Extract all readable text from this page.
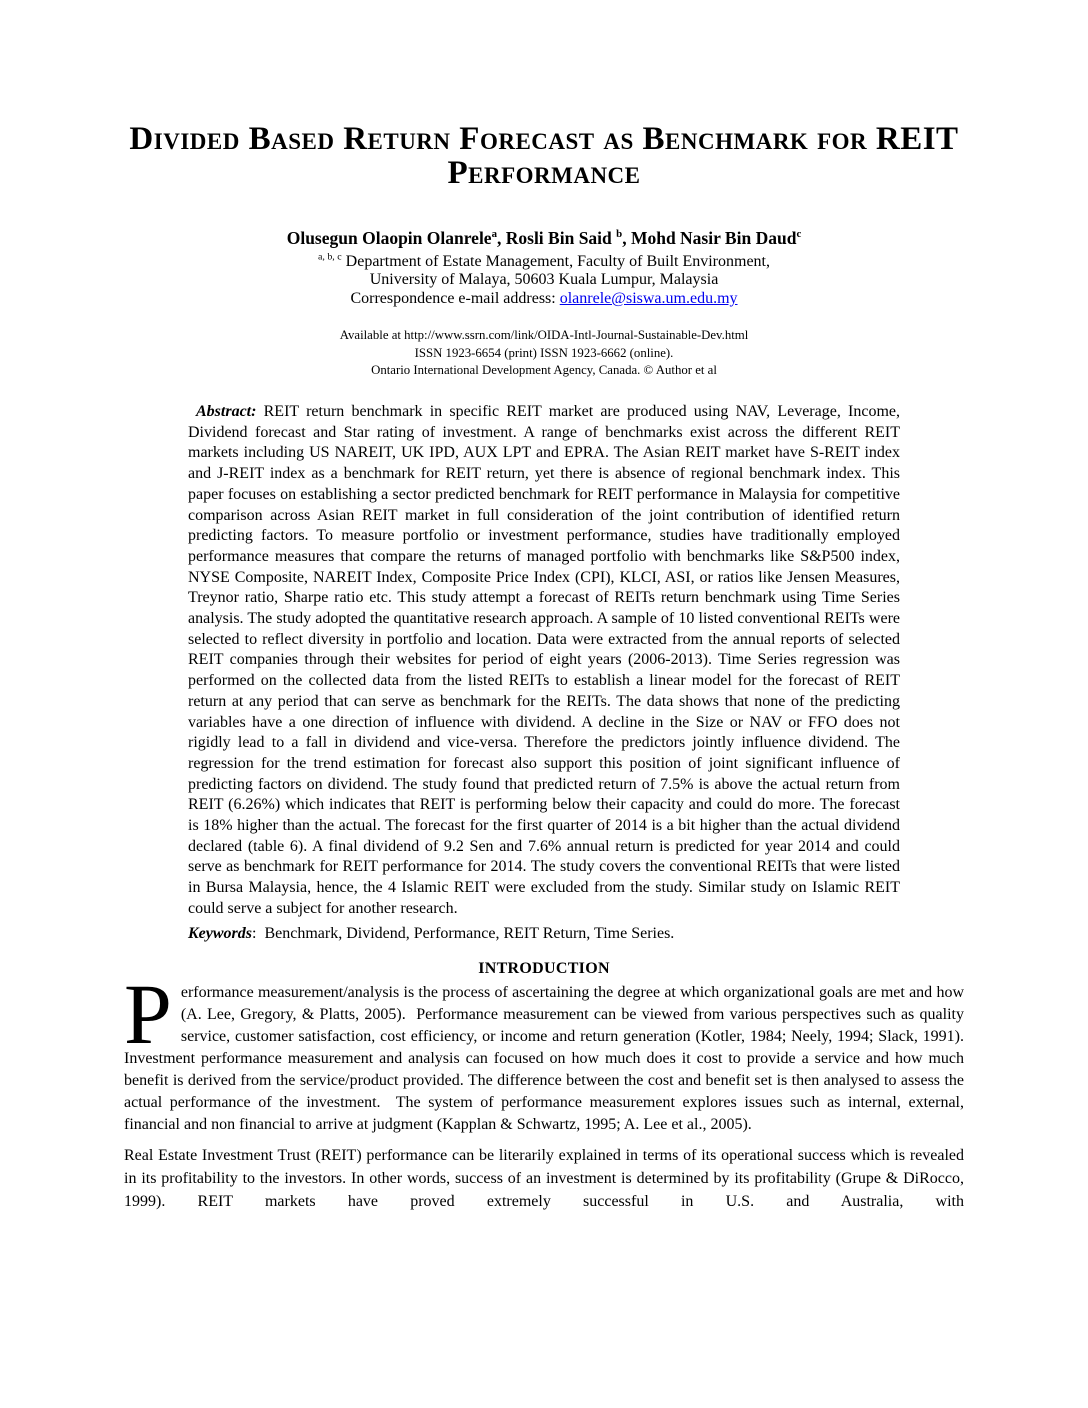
Divided Based Return Forecast as Benchmark for REIT Performance
Olusegun Olaopin Olanrele$^a$, Rosli Bin Said $^b$, Mohd Nasir Bin Daud$^c$
$^{a, b, c}$ Department of Estate Management, Faculty of Built Environment,
University of Malaya, 50603 Kuala Lumpur, Malaysia
Correspondence e-mail address: olanrele@siswa.um.edu.my
Available at http://www.ssrn.com/link/OIDA-Intl-Journal-Sustainable-Dev.html
ISSN 1923-6654 (print) ISSN 1923-6662 (online).
Ontario International Development Agency, Canada. © Author et al

Abstract: REIT return benchmark in specific REIT market are produced using NAV, Leverage, Income, Dividend forecast and Star rating of investment. A range of benchmarks exist across the different REIT markets including US NAREIT, UK IPD, AUX LPT and EPRA. The Asian REIT market have S-REIT index and J-REIT index as a benchmark for REIT return, yet there is absence of regional benchmark index. This paper focuses on establishing a sector predicted benchmark for REIT performance in Malaysia for competitive comparison across Asian REIT market in full consideration of the joint contribution of identified return predicting factors. To measure portfolio or investment performance, studies have traditionally employed performance measures that compare the returns of managed portfolio with benchmarks like S&P500 index, NYSE Composite, NAREIT Index, Composite Price Index (CPI), KLCI, ASI, or ratios like Jensen Measures, Treynor ratio, Sharpe ratio etc. This study attempt a forecast of REITs return benchmark using Time Series analysis. The study adopted the quantitative research approach. A sample of 10 listed conventional REITs were selected to reflect diversity in portfolio and location. Data were extracted from the annual reports of selected REIT companies through their websites for period of eight years (2006-2013). Time Series regression was performed on the collected data from the listed REITs to establish a linear model for the forecast of REIT return at any period that can serve as benchmark for the REITs. The data shows that none of the predicting variables have a one direction of influence with dividend. A decline in the Size or NAV or FFO does not rigidly lead to a fall in dividend and vice-versa. Therefore the predictors jointly influence dividend. The regression for the trend estimation for forecast also support this position of joint significant influence of predicting factors on dividend. The study found that predicted return of 7.5% is above the actual return from REIT (6.26%) which indicates that REIT is performing below their capacity and could do more. The forecast is 18% higher than the actual. The forecast for the first quarter of 2014 is a bit higher than the actual dividend declared (table 6). A final dividend of 9.2 Sen and 7.6% annual return is predicted for year 2014 and could serve as benchmark for REIT performance for 2014. The study covers the conventional REITs that were listed in Bursa Malaysia, hence, the 4 Islamic REIT were excluded from the study. Similar study on Islamic REIT could serve a subject for another research.

Keywords:  Benchmark, Dividend, Performance, REIT Return, Time Series.

INTRODUCTION

Performance measurement/analysis is the process of ascertaining the degree at which organizational goals are met and how (A. Lee, Gregory, & Platts, 2005).  Performance measurement can be viewed from various perspectives such as quality service, customer satisfaction, cost efficiency, or income and return generation (Kotler, 1984; Neely, 1994; Slack, 1991). Investment performance measurement and analysis can focused on how much does it cost to provide a service and how much benefit is derived from the service/product provided. The difference between the cost and benefit set is then analysed to assess the actual performance of the investment.  The system of performance measurement explores issues such as internal, external, financial and non financial to arrive at judgment (Kapplan & Schwartz, 1995; A. Lee et al., 2005).

Real Estate Investment Trust (REIT) performance can be literarily explained in terms of its operational success which is revealed in its profitability to the investors. In other words, success of an investment is determined by its profitability (Grupe & DiRocco, 1999). REIT markets have proved extremely successful in U.S. and Australia, with
